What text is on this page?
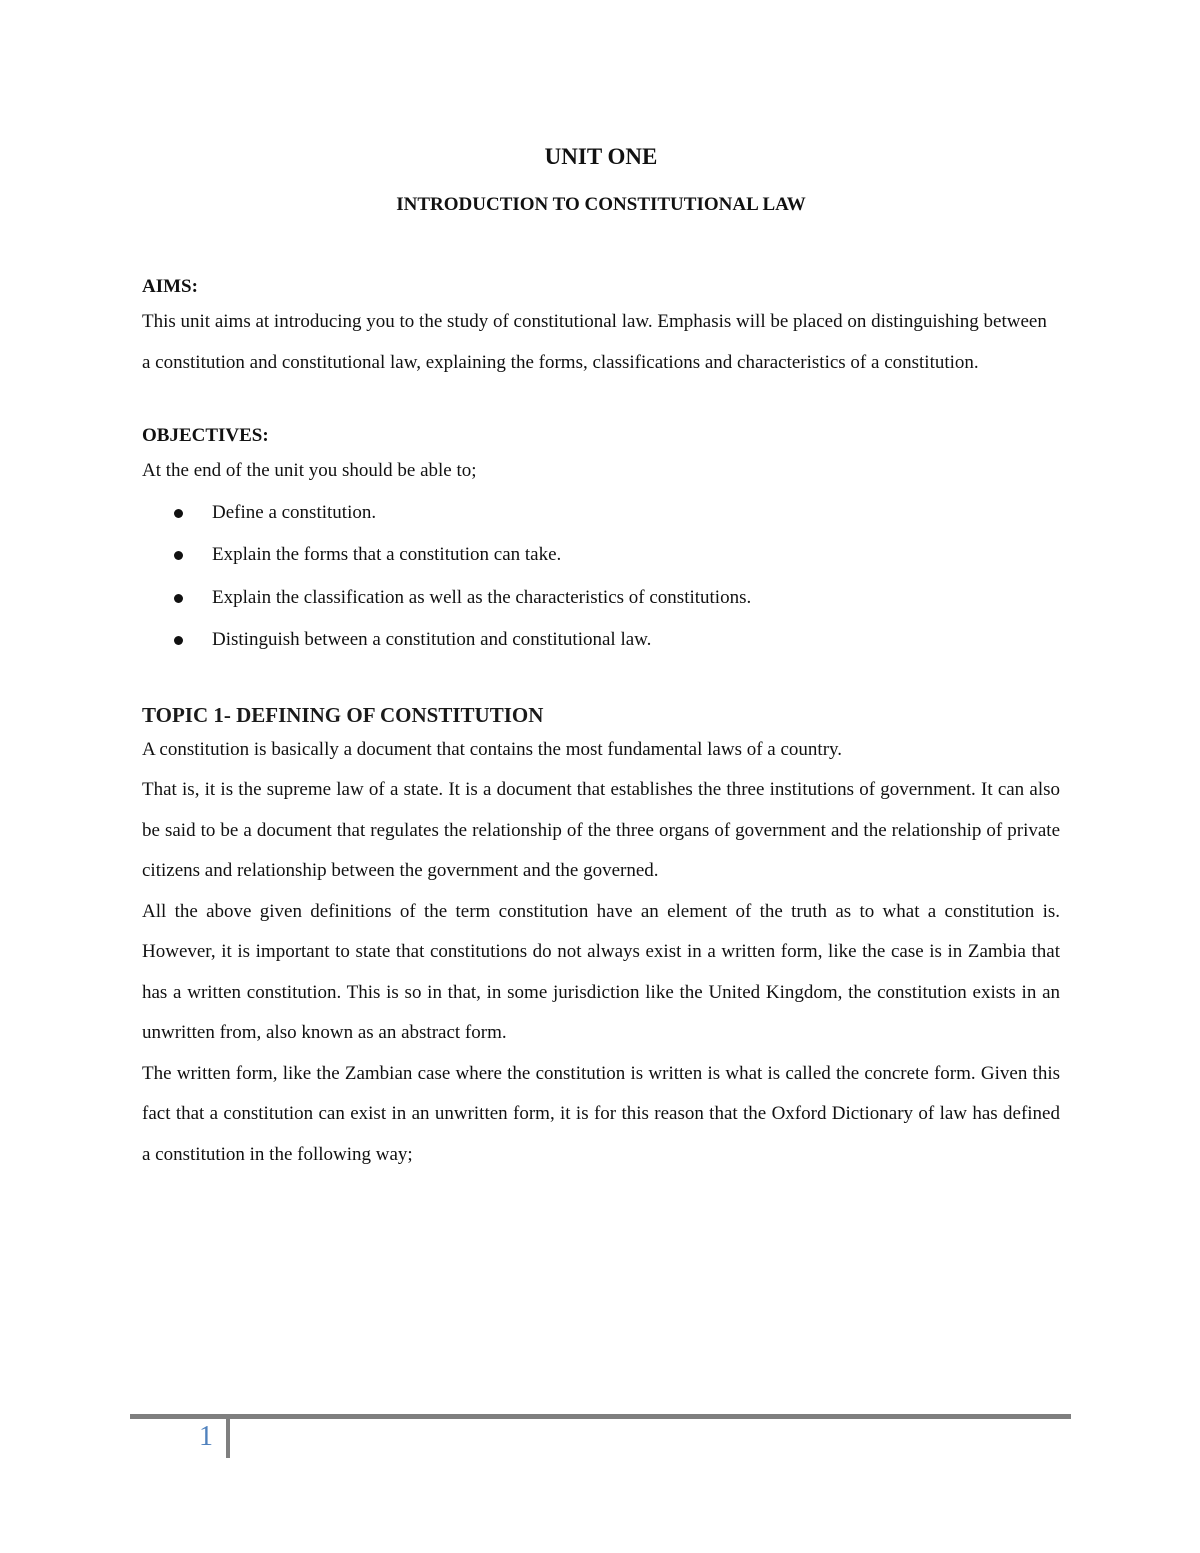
UNIT ONE
INTRODUCTION TO CONSTITUTIONAL LAW
AIMS:

This unit aims at introducing you to the study of constitutional law. Emphasis will be placed on distinguishing between a constitution and constitutional law, explaining the forms, classifications and characteristics of a constitution.

OBJECTIVES:

At the end of the unit you should be able to;

Define a constitution.
Explain the forms that a constitution can take.
Explain the classification as well as the characteristics of constitutions.
Distinguish between a constitution and constitutional law.
TOPIC 1- DEFINING OF CONSTITUTION

A constitution is basically a document that contains the most fundamental laws of a country.

That is, it is the supreme law of a state. It is a document that establishes the three institutions of government. It can also be said to be a document that regulates the relationship of the three organs of government and the relationship of private citizens and relationship between the government and the governed.

All the above given definitions of the term constitution have an element of the truth as to what a constitution is. However, it is important to state that constitutions do not always exist in a written form, like the case is in Zambia that has a written constitution. This is so in that, in some jurisdiction like the United Kingdom, the constitution exists in an unwritten from, also known as an abstract form.

The written form, like the Zambian case where the constitution is written is what is called the concrete form. Given this fact that a constitution can exist in an unwritten form, it is for this reason that the Oxford Dictionary of law has defined a constitution in the following way;

1
